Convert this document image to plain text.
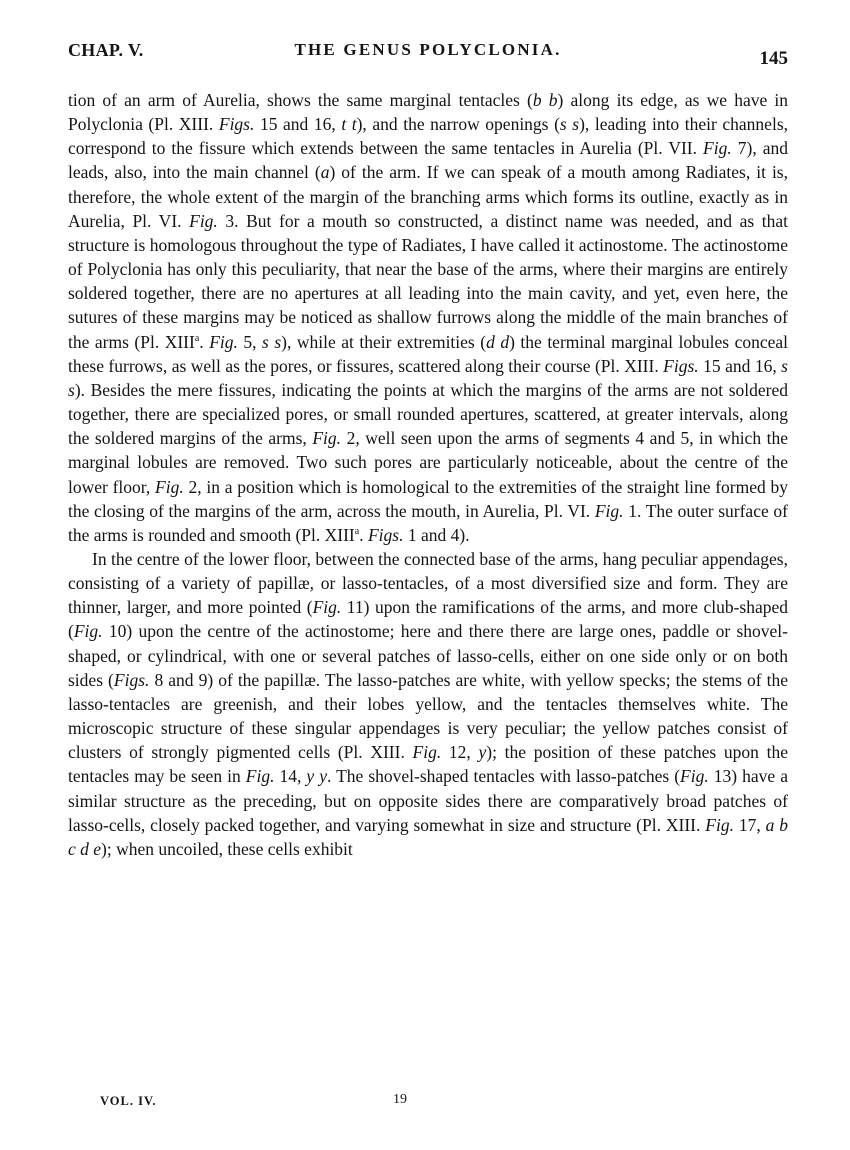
CHAP. V.	THE GENUS POLYCLONIA.	145

tion of an arm of Aurelia, shows the same marginal tentacles (b b) along its edge, as we have in Polyclonia (Pl. XIII. Figs. 15 and 16, t t), and the narrow openings (s s), leading into their channels, correspond to the fissure which extends between the same tentacles in Aurelia (Pl. VII. Fig. 7), and leads, also, into the main channel (a) of the arm. If we can speak of a mouth among Radiates, it is, therefore, the whole extent of the margin of the branching arms which forms its outline, exactly as in Aurelia, Pl. VI. Fig. 3. But for a mouth so constructed, a distinct name was needed, and as that structure is homologous throughout the type of Radiates, I have called it actinostome. The actinostome of Polyclonia has only this peculiarity, that near the base of the arms, where their margins are entirely soldered together, there are no apertures at all leading into the main cavity, and yet, even here, the sutures of these margins may be noticed as shallow furrows along the middle of the main branches of the arms (Pl. XIII$^a$. Fig. 5, s s), while at their extremities (d d) the terminal marginal lobules conceal these furrows, as well as the pores, or fissures, scattered along their course (Pl. XIII. Figs. 15 and 16, s s). Besides the mere fissures, indicating the points at which the margins of the arms are not soldered together, there are specialized pores, or small rounded apertures, scattered, at greater intervals, along the soldered margins of the arms, Fig. 2, well seen upon the arms of segments 4 and 5, in which the marginal lobules are removed. Two such pores are particularly noticeable, about the centre of the lower floor, Fig. 2, in a position which is homological to the extremities of the straight line formed by the closing of the margins of the arm, across the mouth, in Aurelia, Pl. VI. Fig. 1. The outer surface of the arms is rounded and smooth (Pl. XIII$^a$. Figs. 1 and 4).

In the centre of the lower floor, between the connected base of the arms, hang peculiar appendages, consisting of a variety of papillæ, or lasso-tentacles, of a most diversified size and form. They are thinner, larger, and more pointed (Fig. 11) upon the ramifications of the arms, and more club-shaped (Fig. 10) upon the centre of the actinostome; here and there there are large ones, paddle or shovel-shaped, or cylindrical, with one or several patches of lasso-cells, either on one side only or on both sides (Figs. 8 and 9) of the papillæ. The lasso-patches are white, with yellow specks; the stems of the lasso-tentacles are greenish, and their lobes yellow, and the tentacles themselves white. The microscopic structure of these singular appendages is very peculiar; the yellow patches consist of clusters of strongly pigmented cells (Pl. XIII. Fig. 12, y); the position of these patches upon the tentacles may be seen in Fig. 14, y y. The shovel-shaped tentacles with lasso-patches (Fig. 13) have a similar structure as the preceding, but on opposite sides there are comparatively broad patches of lasso-cells, closely packed together, and varying somewhat in size and structure (Pl. XIII. Fig. 17, a b c d e); when uncoiled, these cells exhibit

VOL. IV.	19
